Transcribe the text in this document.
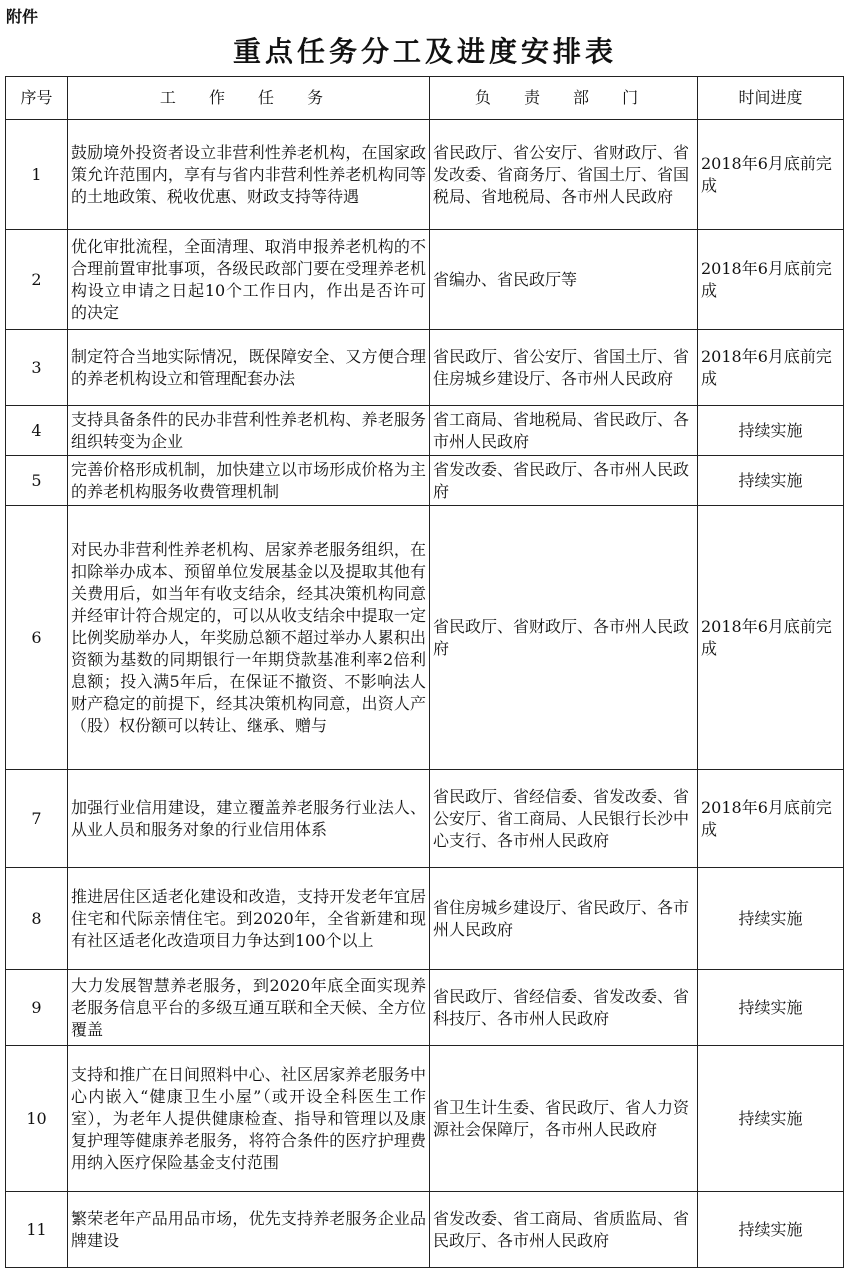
附件
重点任务分工及进度安排表
序号	工 作 任 务	负 责 部 门	时间进度
1	鼓励境外投资者设立非营利性养老机构，在国家政策允许范围内，享有与省内非营利性养老机构同等的土地政策、税收优惠、财政支持等待遇	省民政厅、省公安厅、省财政厅、省发改委、省商务厅、省国土厅、省国税局、省地税局、各市州人民政府	2018年6月底前完成
2	优化审批流程，全面清理、取消申报养老机构的不合理前置审批事项，各级民政部门要在受理养老机构设立申请之日起10个工作日内，作出是否许可的决定	省编办、省民政厅等	2018年6月底前完成
3	制定符合当地实际情况，既保障安全、又方便合理的养老机构设立和管理配套办法	省民政厅、省公安厅、省国土厅、省住房城乡建设厅、各市州人民政府	2018年6月底前完成
4	支持具备条件的民办非营利性养老机构、养老服务组织转变为企业	省工商局、省地税局、省民政厅、各市州人民政府	持续实施
5	完善价格形成机制，加快建立以市场形成价格为主的养老机构服务收费管理机制	省发改委、省民政厅、各市州人民政府	持续实施
6	对民办非营利性养老机构、居家养老服务组织，在扣除举办成本、预留单位发展基金以及提取其他有关费用后，如当年有收支结余，经其决策机构同意并经审计符合规定的，可以从收支结余中提取一定比例奖励举办人，年奖励总额不超过举办人累积出资额为基数的同期银行一年期贷款基准利率2倍利息额；投入满5年后，在保证不撤资、不影响法人财产稳定的前提下，经其决策机构同意，出资人产（股）权份额可以转让、继承、赠与	省民政厅、省财政厅、各市州人民政府	2018年6月底前完成
7	加强行业信用建设，建立覆盖养老服务行业法人、从业人员和服务对象的行业信用体系	省民政厅、省经信委、省发改委、省公安厅、省工商局、人民银行长沙中心支行、各市州人民政府	2018年6月底前完成
8	推进居住区适老化建设和改造，支持开发老年宜居住宅和代际亲情住宅。到2020年，全省新建和现有社区适老化改造项目力争达到100个以上	省住房城乡建设厅、省民政厅、各市州人民政府	持续实施
9	大力发展智慧养老服务，到2020年底全面实现养老服务信息平台的多级互通互联和全天候、全方位覆盖	省民政厅、省经信委、省发改委、省科技厅、各市州人民政府	持续实施
10	支持和推广在日间照料中心、社区居家养老服务中心内嵌入“健康卫生小屋”（或开设全科医生工作室），为老年人提供健康检查、指导和管理以及康复护理等健康养老服务，将符合条件的医疗护理费用纳入医疗保险基金支付范围	省卫生计生委、省民政厅、省人力资源社会保障厅，各市州人民政府	持续实施
11	繁荣老年产品用品市场，优先支持养老服务企业品牌建设	省发改委、省工商局、省质监局、省民政厅、各市州人民政府	持续实施
